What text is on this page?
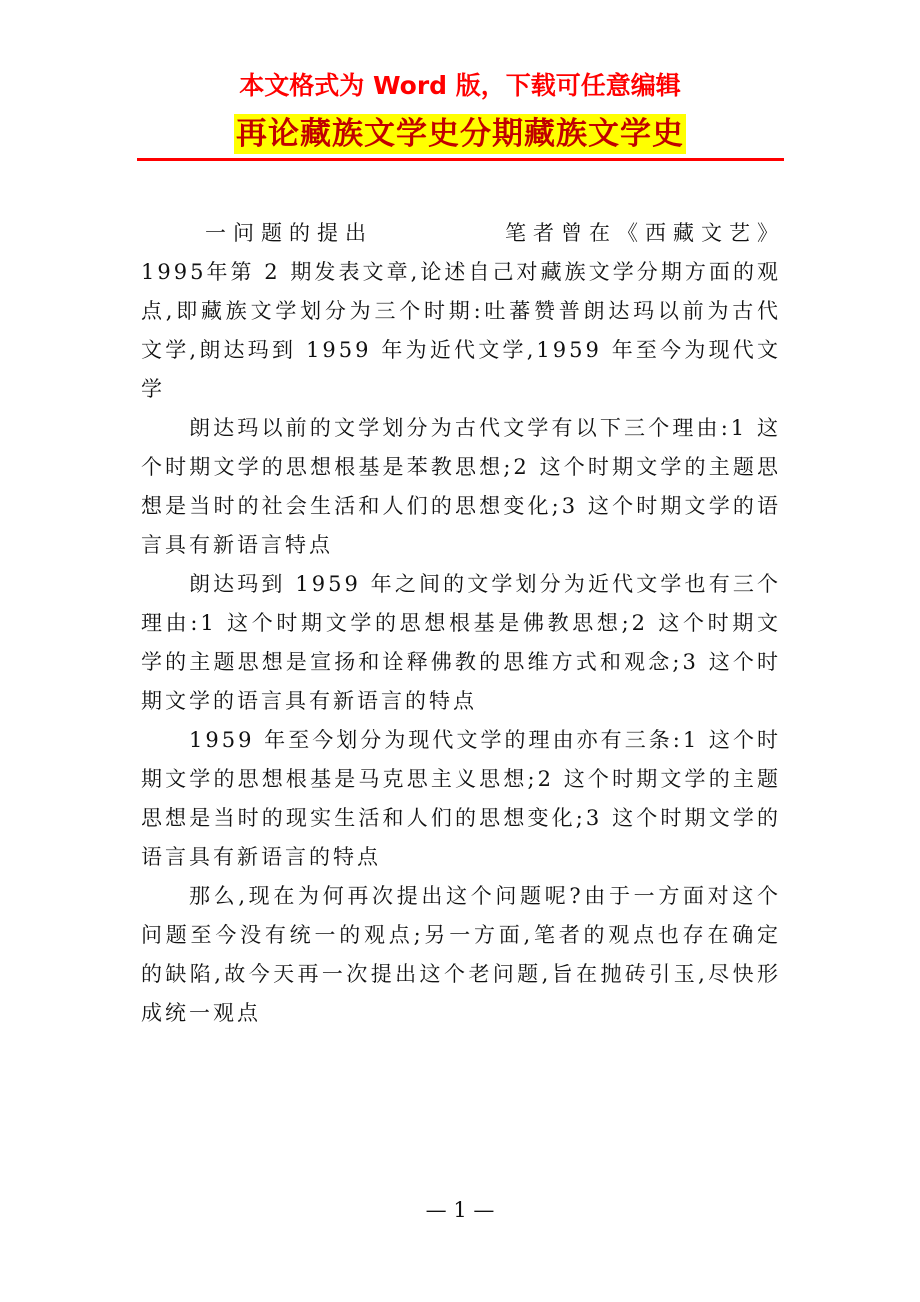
本文格式为 Word 版，下载可任意编辑
再论藏族文学史分期藏族文学史

一问题的提出	笔者曾在《西藏文艺》1995年第 2 期发表文章,论述自己对藏族文学分期方面的观点,即藏族文学划分为三个时期:吐蕃赞普朗达玛以前为古代文学,朗达玛到 1959 年为近代文学,1959 年至今为现代文学

朗达玛以前的文学划分为古代文学有以下三个理由:1 这个时期文学的思想根基是苯教思想;2 这个时期文学的主题思想是当时的社会生活和人们的思想变化;3 这个时期文学的语言具有新语言特点

朗达玛到 1959 年之间的文学划分为近代文学也有三个理由:1 这个时期文学的思想根基是佛教思想;2 这个时期文学的主题思想是宣扬和诠释佛教的思维方式和观念;3 这个时期文学的语言具有新语言的特点

1959 年至今划分为现代文学的理由亦有三条:1 这个时期文学的思想根基是马克思主义思想;2 这个时期文学的主题思想是当时的现实生活和人们的思想变化;3 这个时期文学的语言具有新语言的特点

那么,现在为何再次提出这个问题呢?由于一方面对这个问题至今没有统一的观点;另一方面,笔者的观点也存在确定的缺陷,故今天再一次提出这个老问题,旨在抛砖引玉,尽快形成统一观点

— 1 —
